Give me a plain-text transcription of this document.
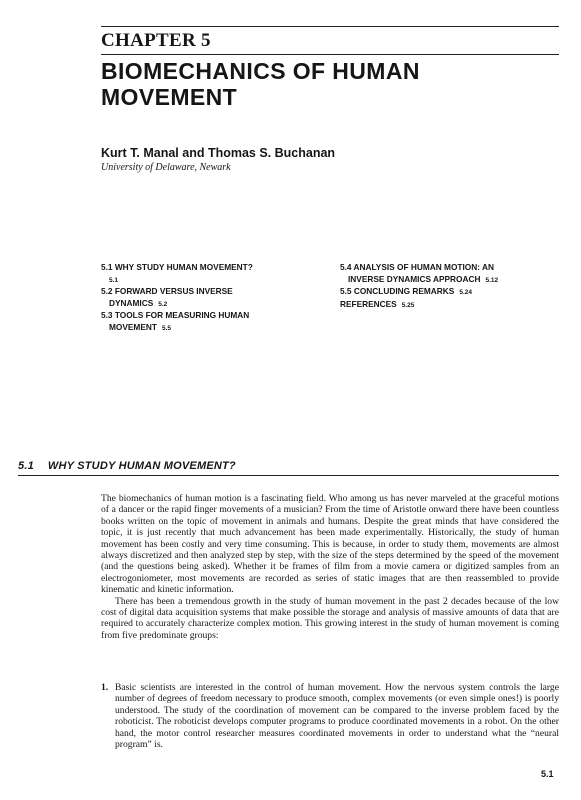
CHAPTER 5
BIOMECHANICS OF HUMAN
MOVEMENT
Kurt T. Manal and Thomas S. Buchanan
University of Delaware, Newark
5.1 WHY STUDY HUMAN MOVEMENT?
5.1
5.2 FORWARD VERSUS INVERSE
DYNAMICS 5.2
5.3 TOOLS FOR MEASURING HUMAN
MOVEMENT 5.5
5.4 ANALYSIS OF HUMAN MOTION: AN
INVERSE DYNAMICS APPROACH 5.12
5.5 CONCLUDING REMARKS 5.24
REFERENCES 5.25
5.1 WHY STUDY HUMAN MOVEMENT?

The biomechanics of human motion is a fascinating field. Who among us has never marveled at the graceful motions of a dancer or the rapid finger movements of a musician? From the time of Aristotle onward there have been countless books written on the topic of movement in animals and humans. Despite the great minds that have considered the topic, it is just recently that much advancement has been made experimentally. Historically, the study of human movement has been costly and very time consuming. This is because, in order to study them, movements are almost always discretized and then analyzed step by step, with the size of the steps determined by the speed of the movement (and the questions being asked). Whether it be frames of film from a movie camera or digitized samples from an electrogoniometer, most movements are recorded as series of static images that are then reassembled to provide kinematic and kinetic information.

There has been a tremendous growth in the study of human movement in the past 2 decades because of the low cost of digital data acquisition systems that make possible the storage and analysis of massive amounts of data that are required to accurately characterize complex motion. This growing interest in the study of human movement is coming from five predominate groups:

1. Basic scientists are interested in the control of human movement. How the nervous system controls the large number of degrees of freedom necessary to produce smooth, complex movements (or even simple ones!) is poorly understood. The study of the coordination of movement can be compared to the inverse problem faced by the roboticist. The roboticist develops computer programs to produce coordinated movements in a robot. On the other hand, the motor control researcher measures coordinated movements in order to understand what the “neural program” is.
5.1
